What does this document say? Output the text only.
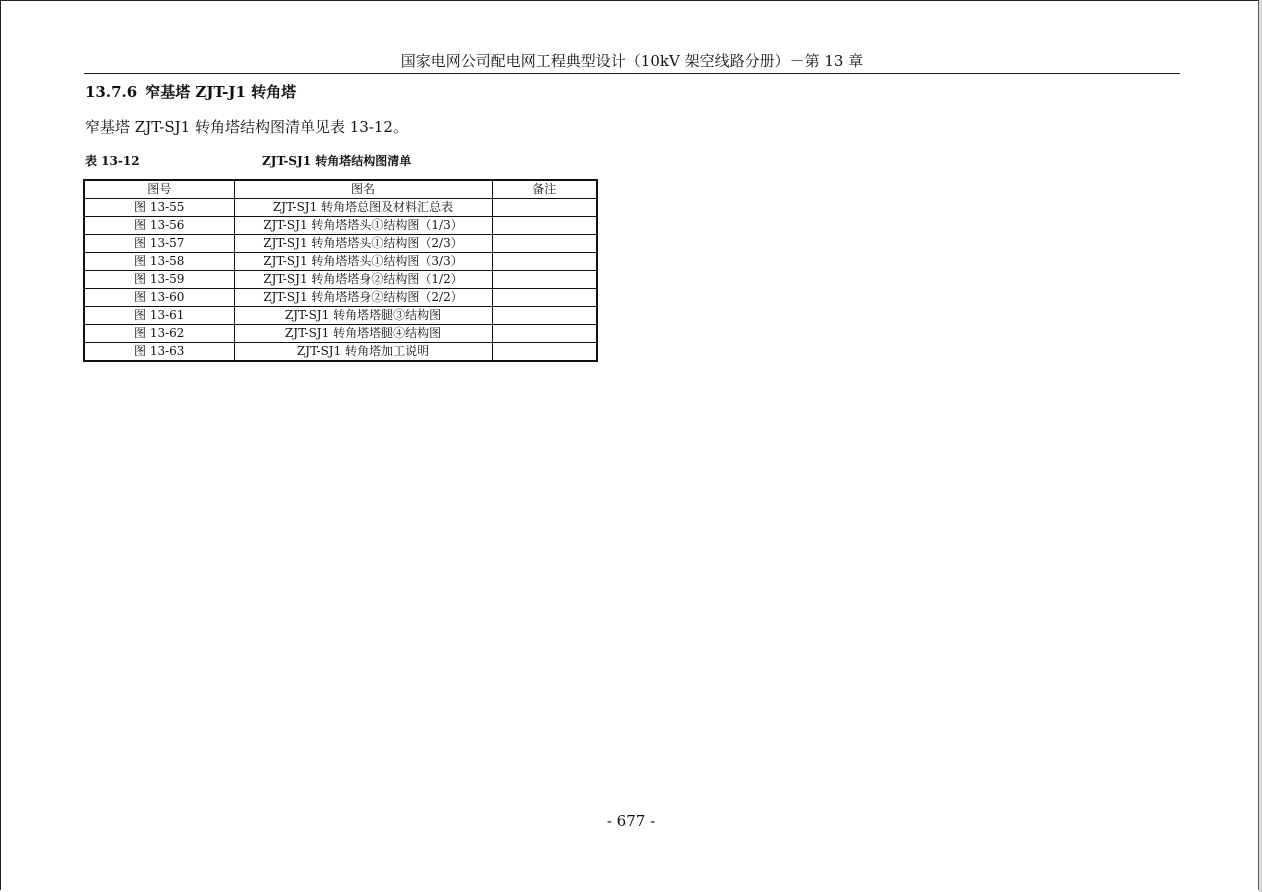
国家电网公司配电网工程典型设计（10kV 架空线路分册）－第 13 章
13.7.6 窄基塔 ZJT-J1 转角塔
窄基塔 ZJT-SJ1 转角塔结构图清单见表 13-12。
表 13-12	ZJT-SJ1 转角塔结构图清单
图号	图名	备注
图 13-55	ZJT-SJ1 转角塔总图及材料汇总表	
图 13-56	ZJT-SJ1 转角塔塔头①结构图（1/3）	
图 13-57	ZJT-SJ1 转角塔塔头①结构图（2/3）	
图 13-58	ZJT-SJ1 转角塔塔头①结构图（3/3）	
图 13-59	ZJT-SJ1 转角塔塔身②结构图（1/2）	
图 13-60	ZJT-SJ1 转角塔塔身②结构图（2/2）	
图 13-61	ZJT-SJ1 转角塔塔腿③结构图	
图 13-62	ZJT-SJ1 转角塔塔腿④结构图	
图 13-63	ZJT-SJ1 转角塔加工说明	
- 677 -
